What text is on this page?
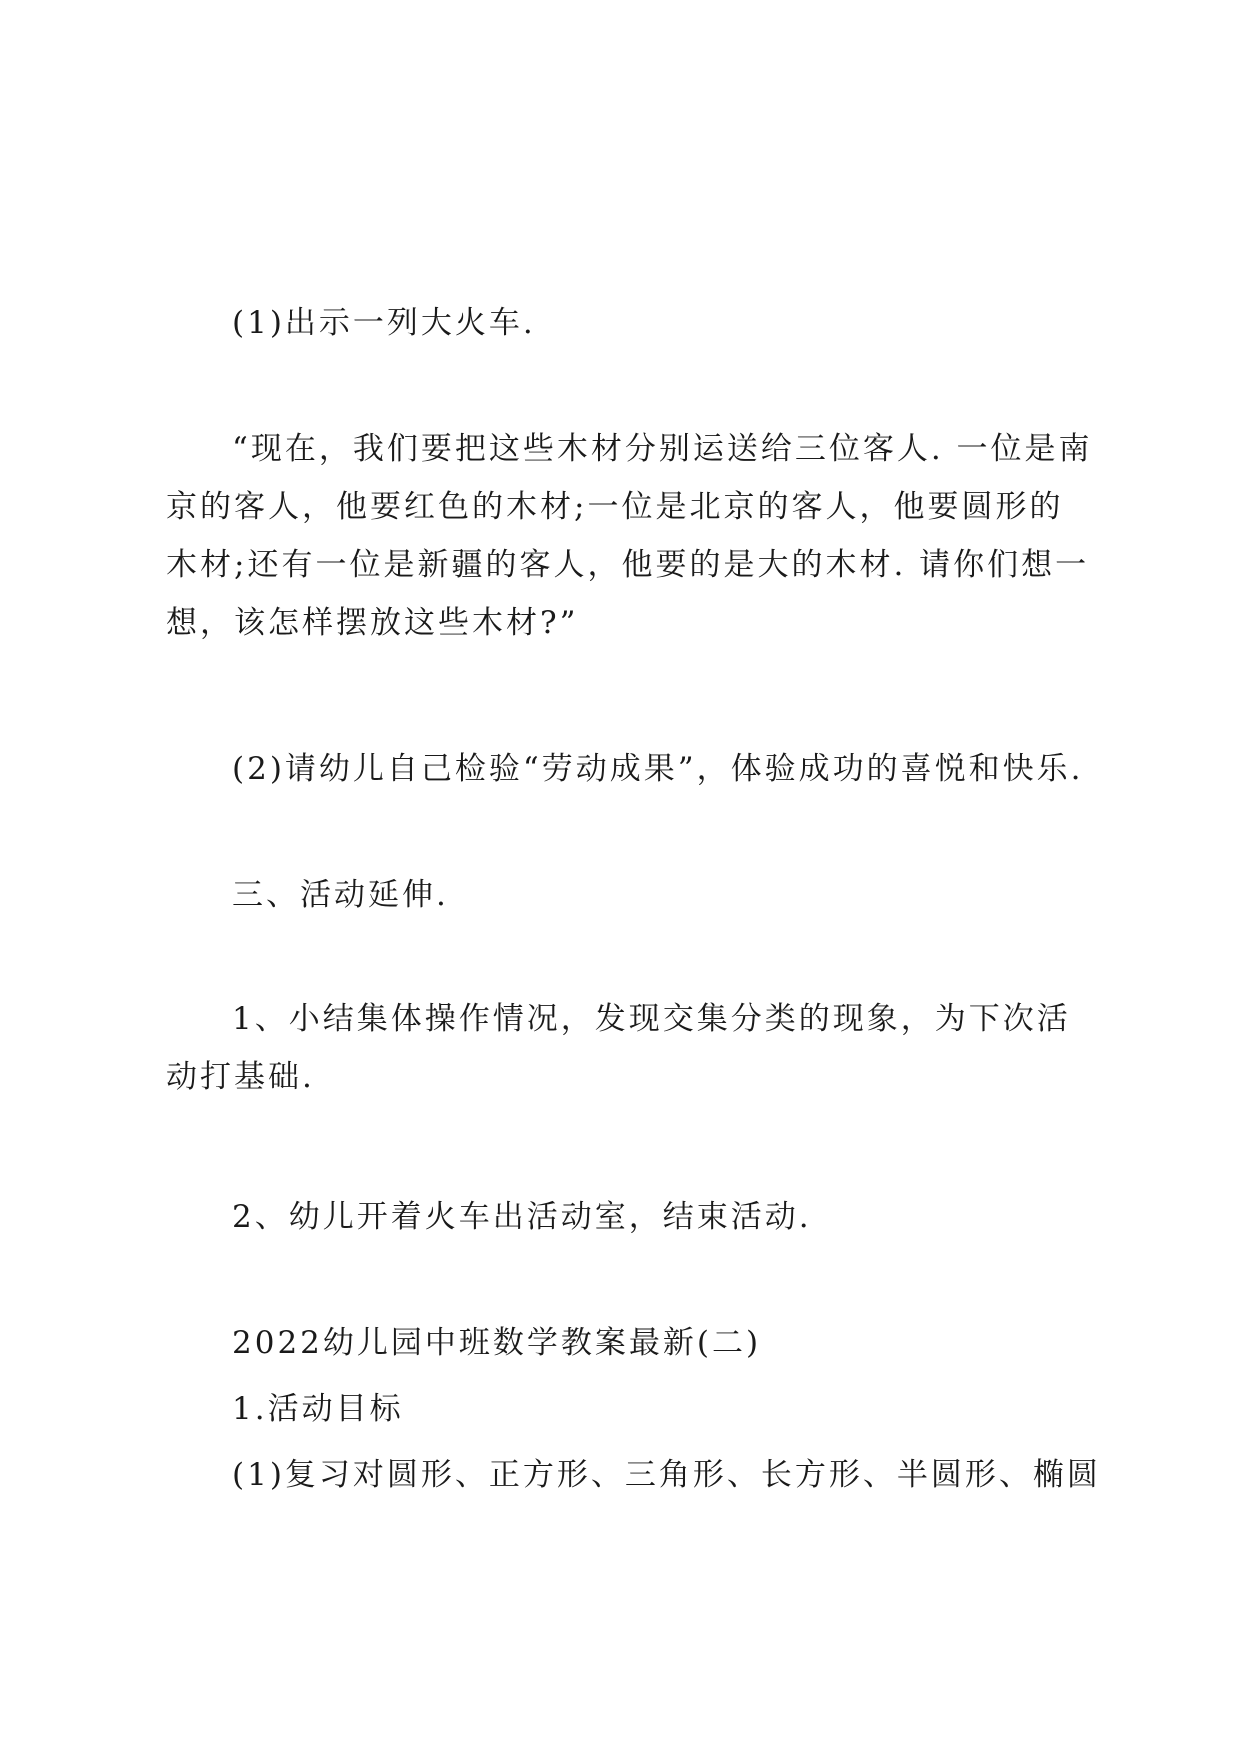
(1)出示一列大火车.

“现在，我们要把这些木材分别运送给三位客人. 一位是南京的客人，他要红色的木材;一位是北京的客人，他要圆形的木材;还有一位是新疆的客人，他要的是大的木材. 请你们想一想，该怎样摆放这些木材?”

(2)请幼儿自己检验“劳动成果”，体验成功的喜悦和快乐.

三、活动延伸.

1、小结集体操作情况，发现交集分类的现象，为下次活动打基础.

2、幼儿开着火车出活动室，结束活动.

2022幼儿园中班数学教案最新(二)

1.活动目标

(1)复习对圆形、正方形、三角形、长方形、半圆形、椭圆
